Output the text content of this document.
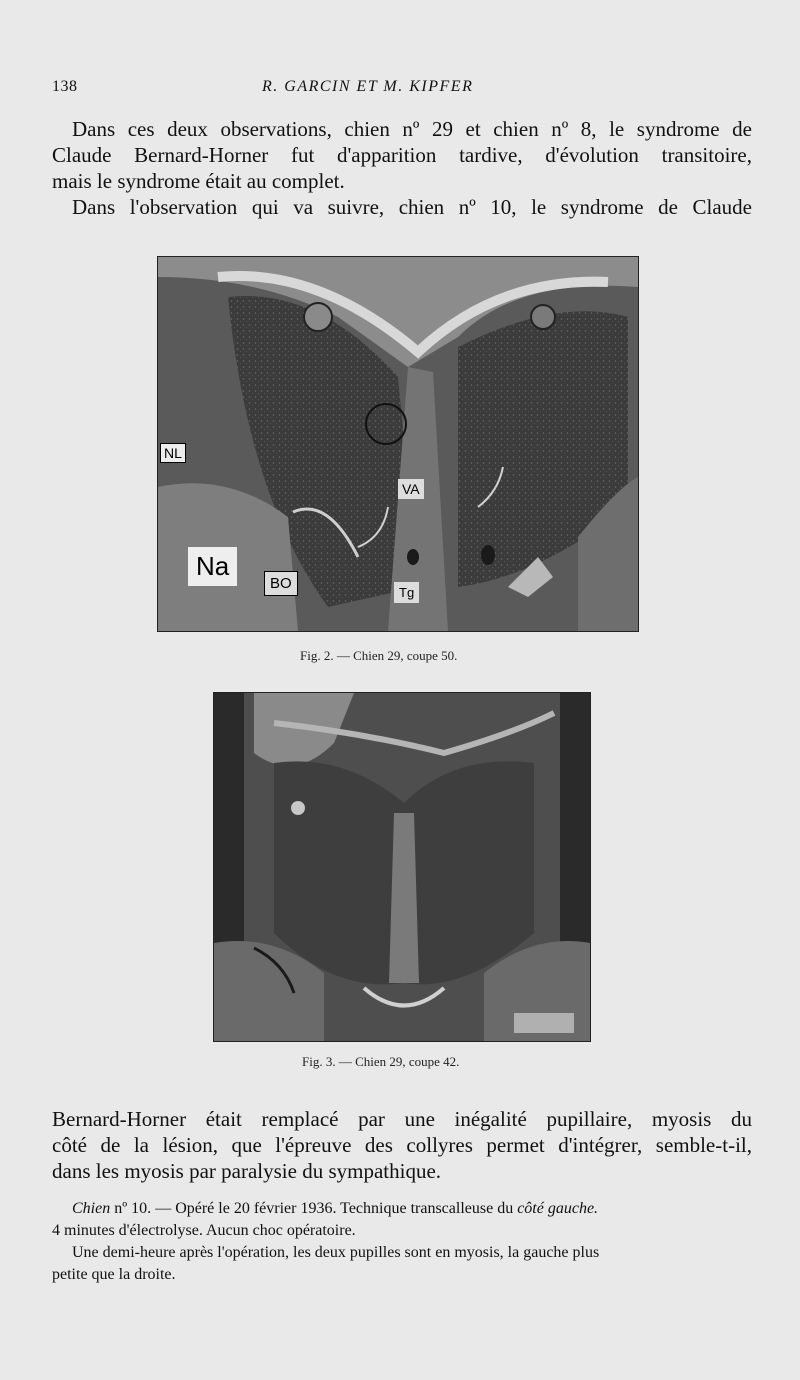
138	R. GARCIN ET M. KIPFER
Dans ces deux observations, chien nº 29 et chien nº 8, le syndrome de
Claude Bernard-Horner fut d'apparition tardive, d'évolution transitoire,
mais le syndrome était au complet.
Dans l'observation qui va suivre, chien nº 10, le syndrome de Claude
NL
VA
Na
BO
Tg
Fig. 2. — Chien 29, coupe 50.
Fig. 3. — Chien 29, coupe 42.
Bernard-Horner était remplacé par une inégalité pupillaire, myosis du
côté de la lésion, que l'épreuve des collyres permet d'intégrer, semble-t-il,
dans les myosis par paralysie du sympathique.
Chien nº 10. — Opéré le 20 février 1936. Technique transcalleuse du côté gauche.
4 minutes d'électrolyse. Aucun choc opératoire.
Une demi-heure après l'opération, les deux pupilles sont en myosis, la gauche plus
petite que la droite.
